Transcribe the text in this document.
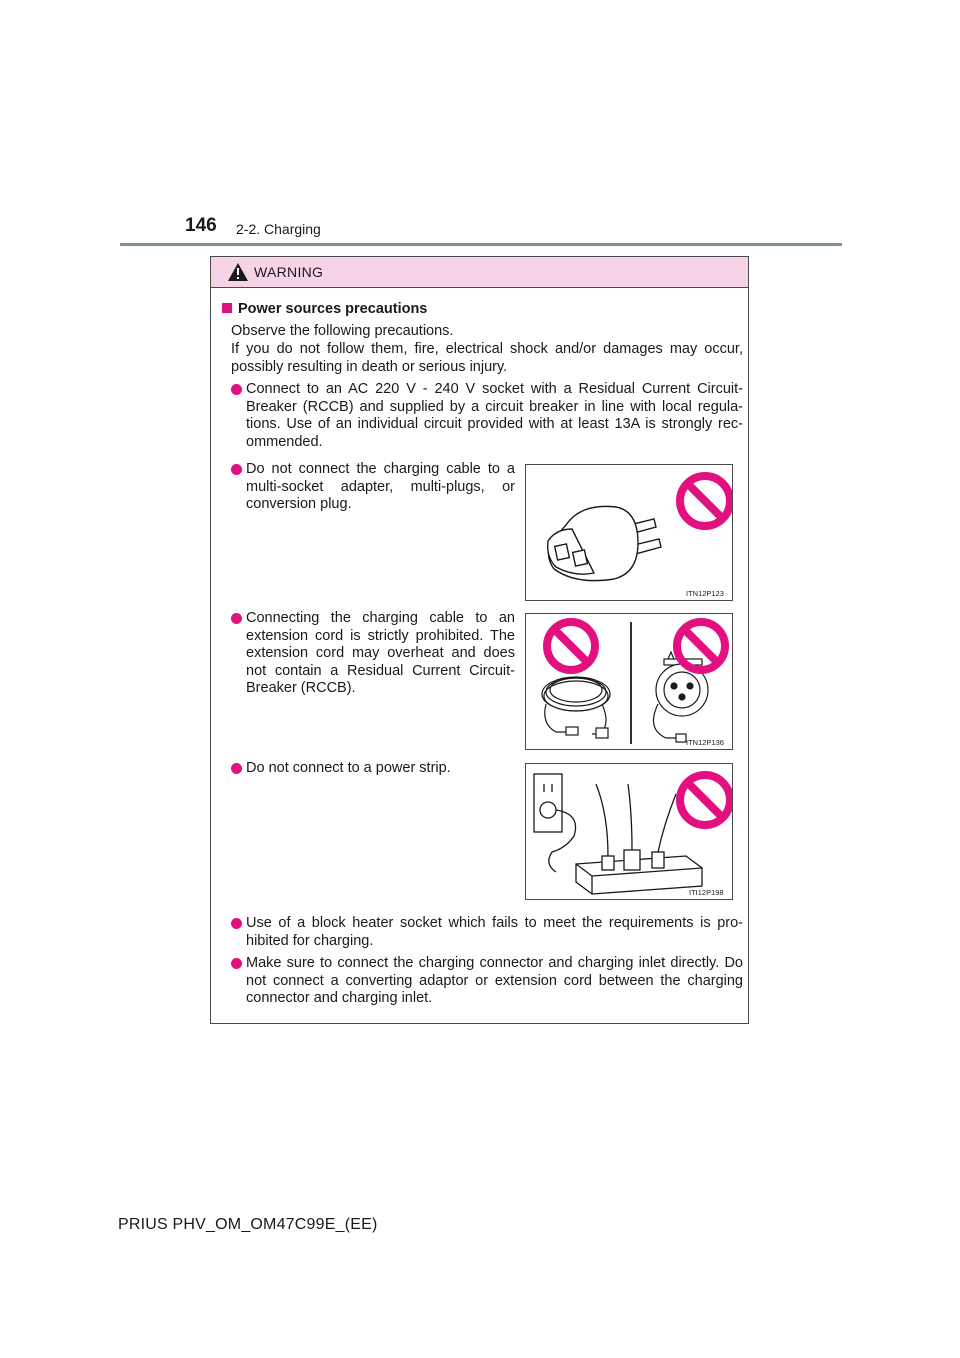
146 2-2. Charging
WARNING
Power sources precautions
Observe the following precautions.
If you do not follow them, fire, electrical shock and/or damages may occur, possibly resulting in death or serious injury.
Connect to an AC 220 V - 240 V socket with a Residual Current Circuit-Breaker (RCCB) and supplied by a circuit breaker in line with local regula-tions. Use of an individual circuit provided with at least 13A is strongly rec-ommended.
Do not connect the charging cable to a multi-socket adapter, multi-plugs, or conversion plug.
Connecting the charging cable to an extension cord is strictly prohibited. The extension cord may overheat and does not contain a Residual Current Circuit-Breaker (RCCB).
Do not connect to a power strip.
Use of a block heater socket which fails to meet the requirements is pro-hibited for charging.
Make sure to connect the charging connector and charging inlet directly. Do not connect a converting adaptor or extension cord between the charging connector and charging inlet.
ITN12P123
ITN12P136
ITI12P198
PRIUS PHV_OM_OM47C99E_(EE)
